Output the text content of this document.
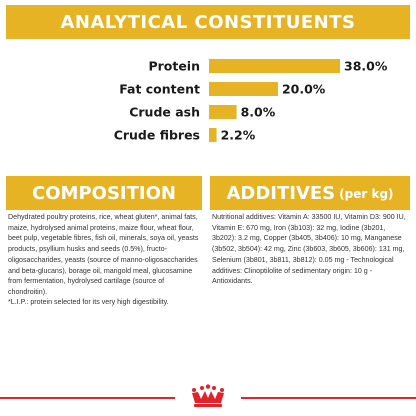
ANALYTICAL CONSTITUENTS
Protein	38.0%
Fat content	20.0%
Crude ash	8.0%
Crude fibres 2.2%
COMPOSITION	ADDITIVES (per kg)
Dehydrated poultry proteins, rice, wheat gluten*, animal fats, maize, hydrolysed animal proteins, maize flour, wheat flour, beet pulp, vegetable fibres, fish oil, minerals, soya oil, yeasts products, psyllium husks and seeds (0.5%), fructo-oligosaccharides, yeasts (source of manno-oligosaccharides and beta-glucans), borage oil, marigold meal, glucosamine from fermentation, hydrolysed cartilage (source of chondroitin).
*L.I.P.: protein selected for its very high digestibility.
Nutritional additives: Vitamin A: 33500 IU, Vitamin D3: 900 IU, Vitamin E: 670 mg, Iron (3b103): 32 mg, Iodine (3b201, 3b202): 3.2 mg, Copper (3b405, 3b406): 10 mg, Manganese (3b502, 3b504): 42 mg, Zinc (3b603, 3b605, 3b606): 131 mg, Selenium (3b801, 3b811, 3b812): 0.05 mg - Technological additives: Clinoptilolite of sedimentary origin: 10 g - Antioxidants.
